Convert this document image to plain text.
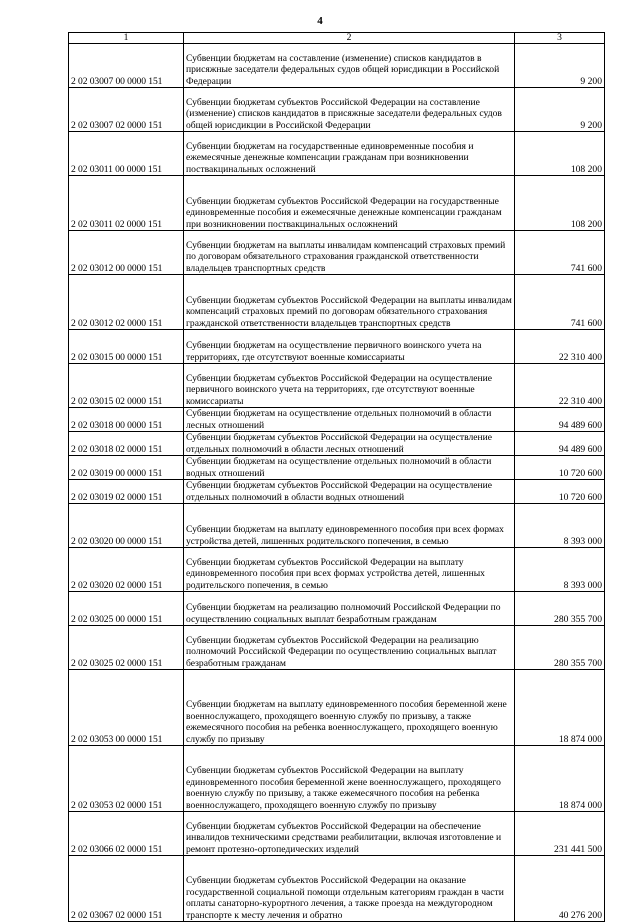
4
1	2	3
2 02 03007 00 0000 151	Субвенции бюджетам на составление (изменение) списков кандидатов в присяжные заседатели федеральных судов общей юрисдикции в Российской Федерации	9 200
2 02 03007 02 0000 151	Субвенции бюджетам субъектов Российской Федерации на составление (изменение) списков кандидатов в присяжные заседатели федеральных судов общей юрисдикции в Российской Федерации	9 200
2 02 03011 00 0000 151	Субвенции бюджетам на государственные единовременные пособия и ежемесячные денежные компенсации гражданам при возникновении поствакцинальных осложнений	108 200
2 02 03011 02 0000 151	Субвенции бюджетам субъектов Российской Федерации на государственные единовременные пособия и ежемесячные денежные компенсации гражданам при возникновении поствакцинальных осложнений	108 200
2 02 03012 00 0000 151	Субвенции бюджетам на выплаты инвалидам компенсаций страховых премий по договорам обязательного страхования гражданской ответственности владельцев транспортных средств	741 600
2 02 03012 02 0000 151	Субвенции бюджетам субъектов Российской Федерации на выплаты инвалидам компенсаций страховых премий по договорам обязательного страхования гражданской ответственности владельцев транспортных средств	741 600
2 02 03015 00 0000 151	Субвенции бюджетам на осуществление первичного воинского учета на территориях, где отсутствуют военные комиссариаты	22 310 400
2 02 03015 02 0000 151	Субвенции бюджетам субъектов Российской Федерации на осуществление первичного воинского учета на территориях, где отсутствуют военные комиссариаты	22 310 400
2 02 03018 00 0000 151	Субвенции бюджетам на осуществление отдельных полномочий в области лесных отношений	94 489 600
2 02 03018 02 0000 151	Субвенции бюджетам субъектов Российской Федерации на осуществление отдельных полномочий в области лесных отношений	94 489 600
2 02 03019 00 0000 151	Субвенции бюджетам на осуществление отдельных полномочий в области водных отношений	10 720 600
2 02 03019 02 0000 151	Субвенции бюджетам субъектов Российской Федерации на осуществление отдельных полномочий в области водных отношений	10 720 600
2 02 03020 00 0000 151	Субвенции бюджетам на выплату единовременного пособия при всех формах устройства детей, лишенных родительского попечения, в семью	8 393 000
2 02 03020 02 0000 151	Субвенции бюджетам субъектов Российской Федерации на выплату единовременного пособия при всех формах устройства детей, лишенных родительского попечения, в семью	8 393 000
2 02 03025 00 0000 151	Субвенции бюджетам на реализацию полномочий Российской Федерации по осуществлению социальных выплат безработным гражданам	280 355 700
2 02 03025 02 0000 151	Субвенции бюджетам субъектов Российской Федерации на реализацию полномочий Российской Федерации по осуществлению социальных выплат безработным гражданам	280 355 700
2 02 03053 00 0000 151	Субвенции бюджетам на выплату единовременного пособия беременной жене военнослужащего, проходящего военную службу по призыву, а также ежемесячного пособия на ребенка военнослужащего, проходящего военную службу по призыву	18 874 000
2 02 03053 02 0000 151	Субвенции бюджетам субъектов Российской Федерации на выплату единовременного пособия беременной жене военнослужащего, проходящего военную службу по призыву, а также ежемесячного пособия на ребенка военнослужащего, проходящего военную службу по призыву	18 874 000
2 02 03066 02 0000 151	Субвенции бюджетам субъектов Российской Федерации на обеспечение инвалидов техническими средствами реабилитации, включая изготовление и ремонт протезно-ортопедических изделий	231 441 500
2 02 03067 02 0000 151	Субвенции бюджетам субъектов Российской Федерации на оказание государственной социальной помощи отдельным категориям граждан в части оплаты санаторно-курортного лечения, а также проезда на междугородном транспорте к месту лечения и обратно	40 276 200
